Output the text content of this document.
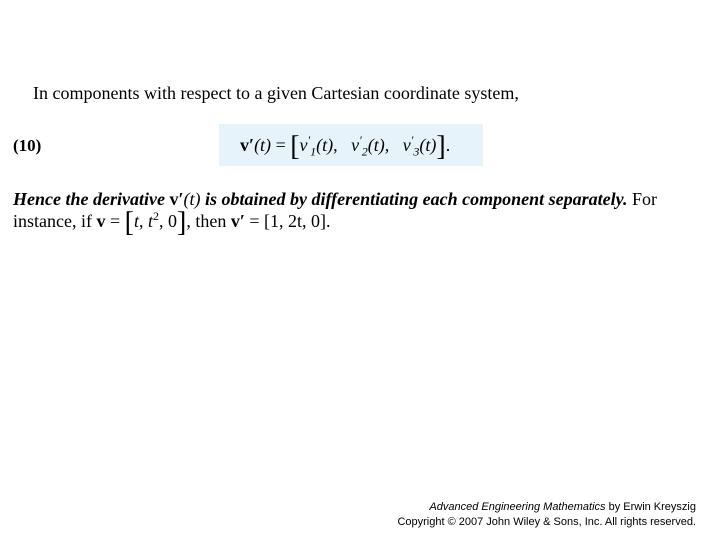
In components with respect to a given Cartesian coordinate system,
(10)	$v'(t) = [v'_1(t)$, $v'_2(t)$, $v'_3(t)$].
Hence the derivative v′(t) is obtained by differentiating each component separately. For
instance, if v = [t, $t^2$, 0], then v′ = [1, 2t, 0].
Advanced Engineering Mathematics by Erwin Kreyszig
Copyright © 2007 John Wiley & Sons, Inc. All rights reserved.
